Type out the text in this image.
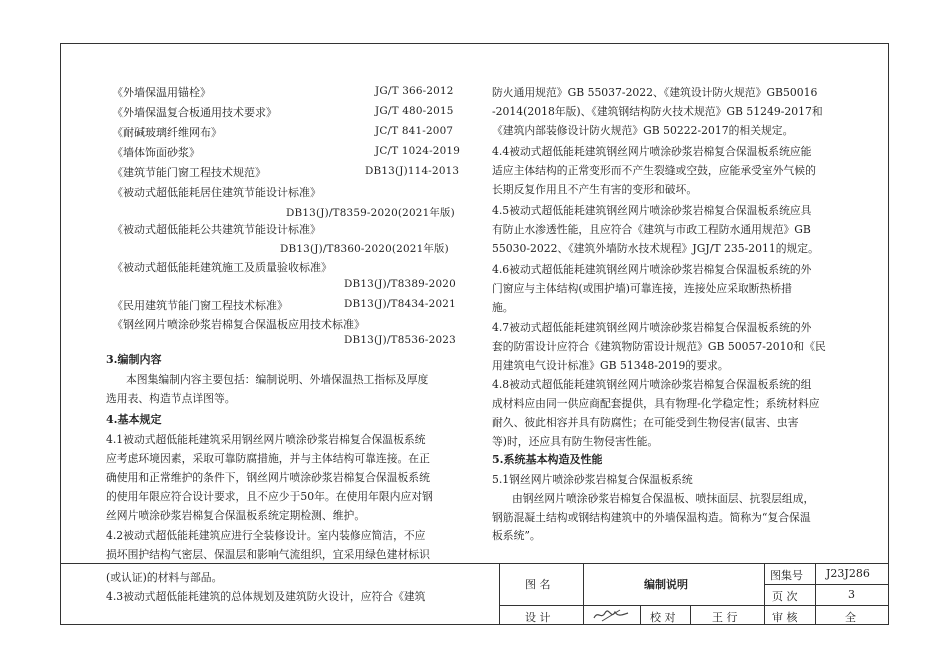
《外墙保温用锚栓》	JG/T 366-2012
《外墙保温复合板通用技术要求》	JG/T 480-2015
《耐碱玻璃纤维网布》	JC/T 841-2007
《墙体饰面砂浆》	JC/T 1024-2019
《建筑节能门窗工程技术规范》	DB13(J)114-2013
《被动式超低能耗居住建筑节能设计标准》
DB13(J)/T8359-2020(2021年版)
《被动式超低能耗公共建筑节能设计标准》
DB13(J)/T8360-2020(2021年版)
《被动式超低能耗建筑施工及质量验收标准》
DB13(J)/T8389-2020
《民用建筑节能门窗工程技术标准》	DB13(J)/T8434-2021
《钢丝网片喷涂砂浆岩棉复合保温板应用技术标准》
DB13(J)/T8536-2023
3.编制内容
本图集编制内容主要包括：编制说明、外墙保温热工指标及厚度
选用表、构造节点详图等。
4.基本规定
4.1被动式超低能耗建筑采用钢丝网片喷涂砂浆岩棉复合保温板系统
应考虑环境因素，采取可靠防腐措施，并与主体结构可靠连接。在正
确使用和正常维护的条件下，钢丝网片喷涂砂浆岩棉复合保温板系统
的使用年限应符合设计要求，且不应少于50年。在使用年限内应对钢
丝网片喷涂砂浆岩棉复合保温板系统定期检测、维护。
4.2被动式超低能耗建筑应进行全装修设计。室内装修应简洁，不应
损坏围护结构气密层、保温层和影响气流组织，宜采用绿色建材标识
防火通用规范》GB 55037-2022、《建筑设计防火规范》GB50016
-2014(2018年版)、《建筑钢结构防火技术规范》GB 51249-2017和
《建筑内部装修设计防火规范》GB 50222-2017的相关规定。
4.4被动式超低能耗建筑钢丝网片喷涂砂浆岩棉复合保温板系统应能
适应主体结构的正常变形而不产生裂缝或空鼓，应能承受室外气候的
长期反复作用且不产生有害的变形和破坏。
4.5被动式超低能耗建筑钢丝网片喷涂砂浆岩棉复合保温板系统应具
有防止水渗透性能，且应符合《建筑与市政工程防水通用规范》GB
55030-2022、《建筑外墙防水技术规程》JGJ/T 235-2011的规定。
4.6被动式超低能耗建筑钢丝网片喷涂砂浆岩棉复合保温板系统的外
门窗应与主体结构(或围护墙)可靠连接，连接处应采取断热桥措
施。
4.7被动式超低能耗建筑钢丝网片喷涂砂浆岩棉复合保温板系统的外
套的防雷设计应符合《建筑物防雷设计规范》GB 50057-2010和《民
用建筑电气设计标准》GB 51348-2019的要求。
4.8被动式超低能耗建筑钢丝网片喷涂砂浆岩棉复合保温板系统的组
成材料应由同一供应商配套提供，具有物理-化学稳定性；系统材料应
耐久、彼此相容并具有防腐性；在可能受到生物侵害(鼠害、虫害
等)时，还应具有防生物侵害性能。
5.系统基本构造及性能
5.1钢丝网片喷涂砂浆岩棉复合保温板系统
由钢丝网片喷涂砂浆岩棉复合保温板、喷抹面层、抗裂层组成，
钢筋混凝土结构或钢结构建筑中的外墙保温构造。简称为“复合保温
板系统”。
(或认证)的材料与部品。
4.3被动式超低能耗建筑的总体规划及建筑防火设计，应符合《建筑
图 名	编制说明
图集号 J23J286
页 次	3
设 计	校 对	王 行	审 核	全
